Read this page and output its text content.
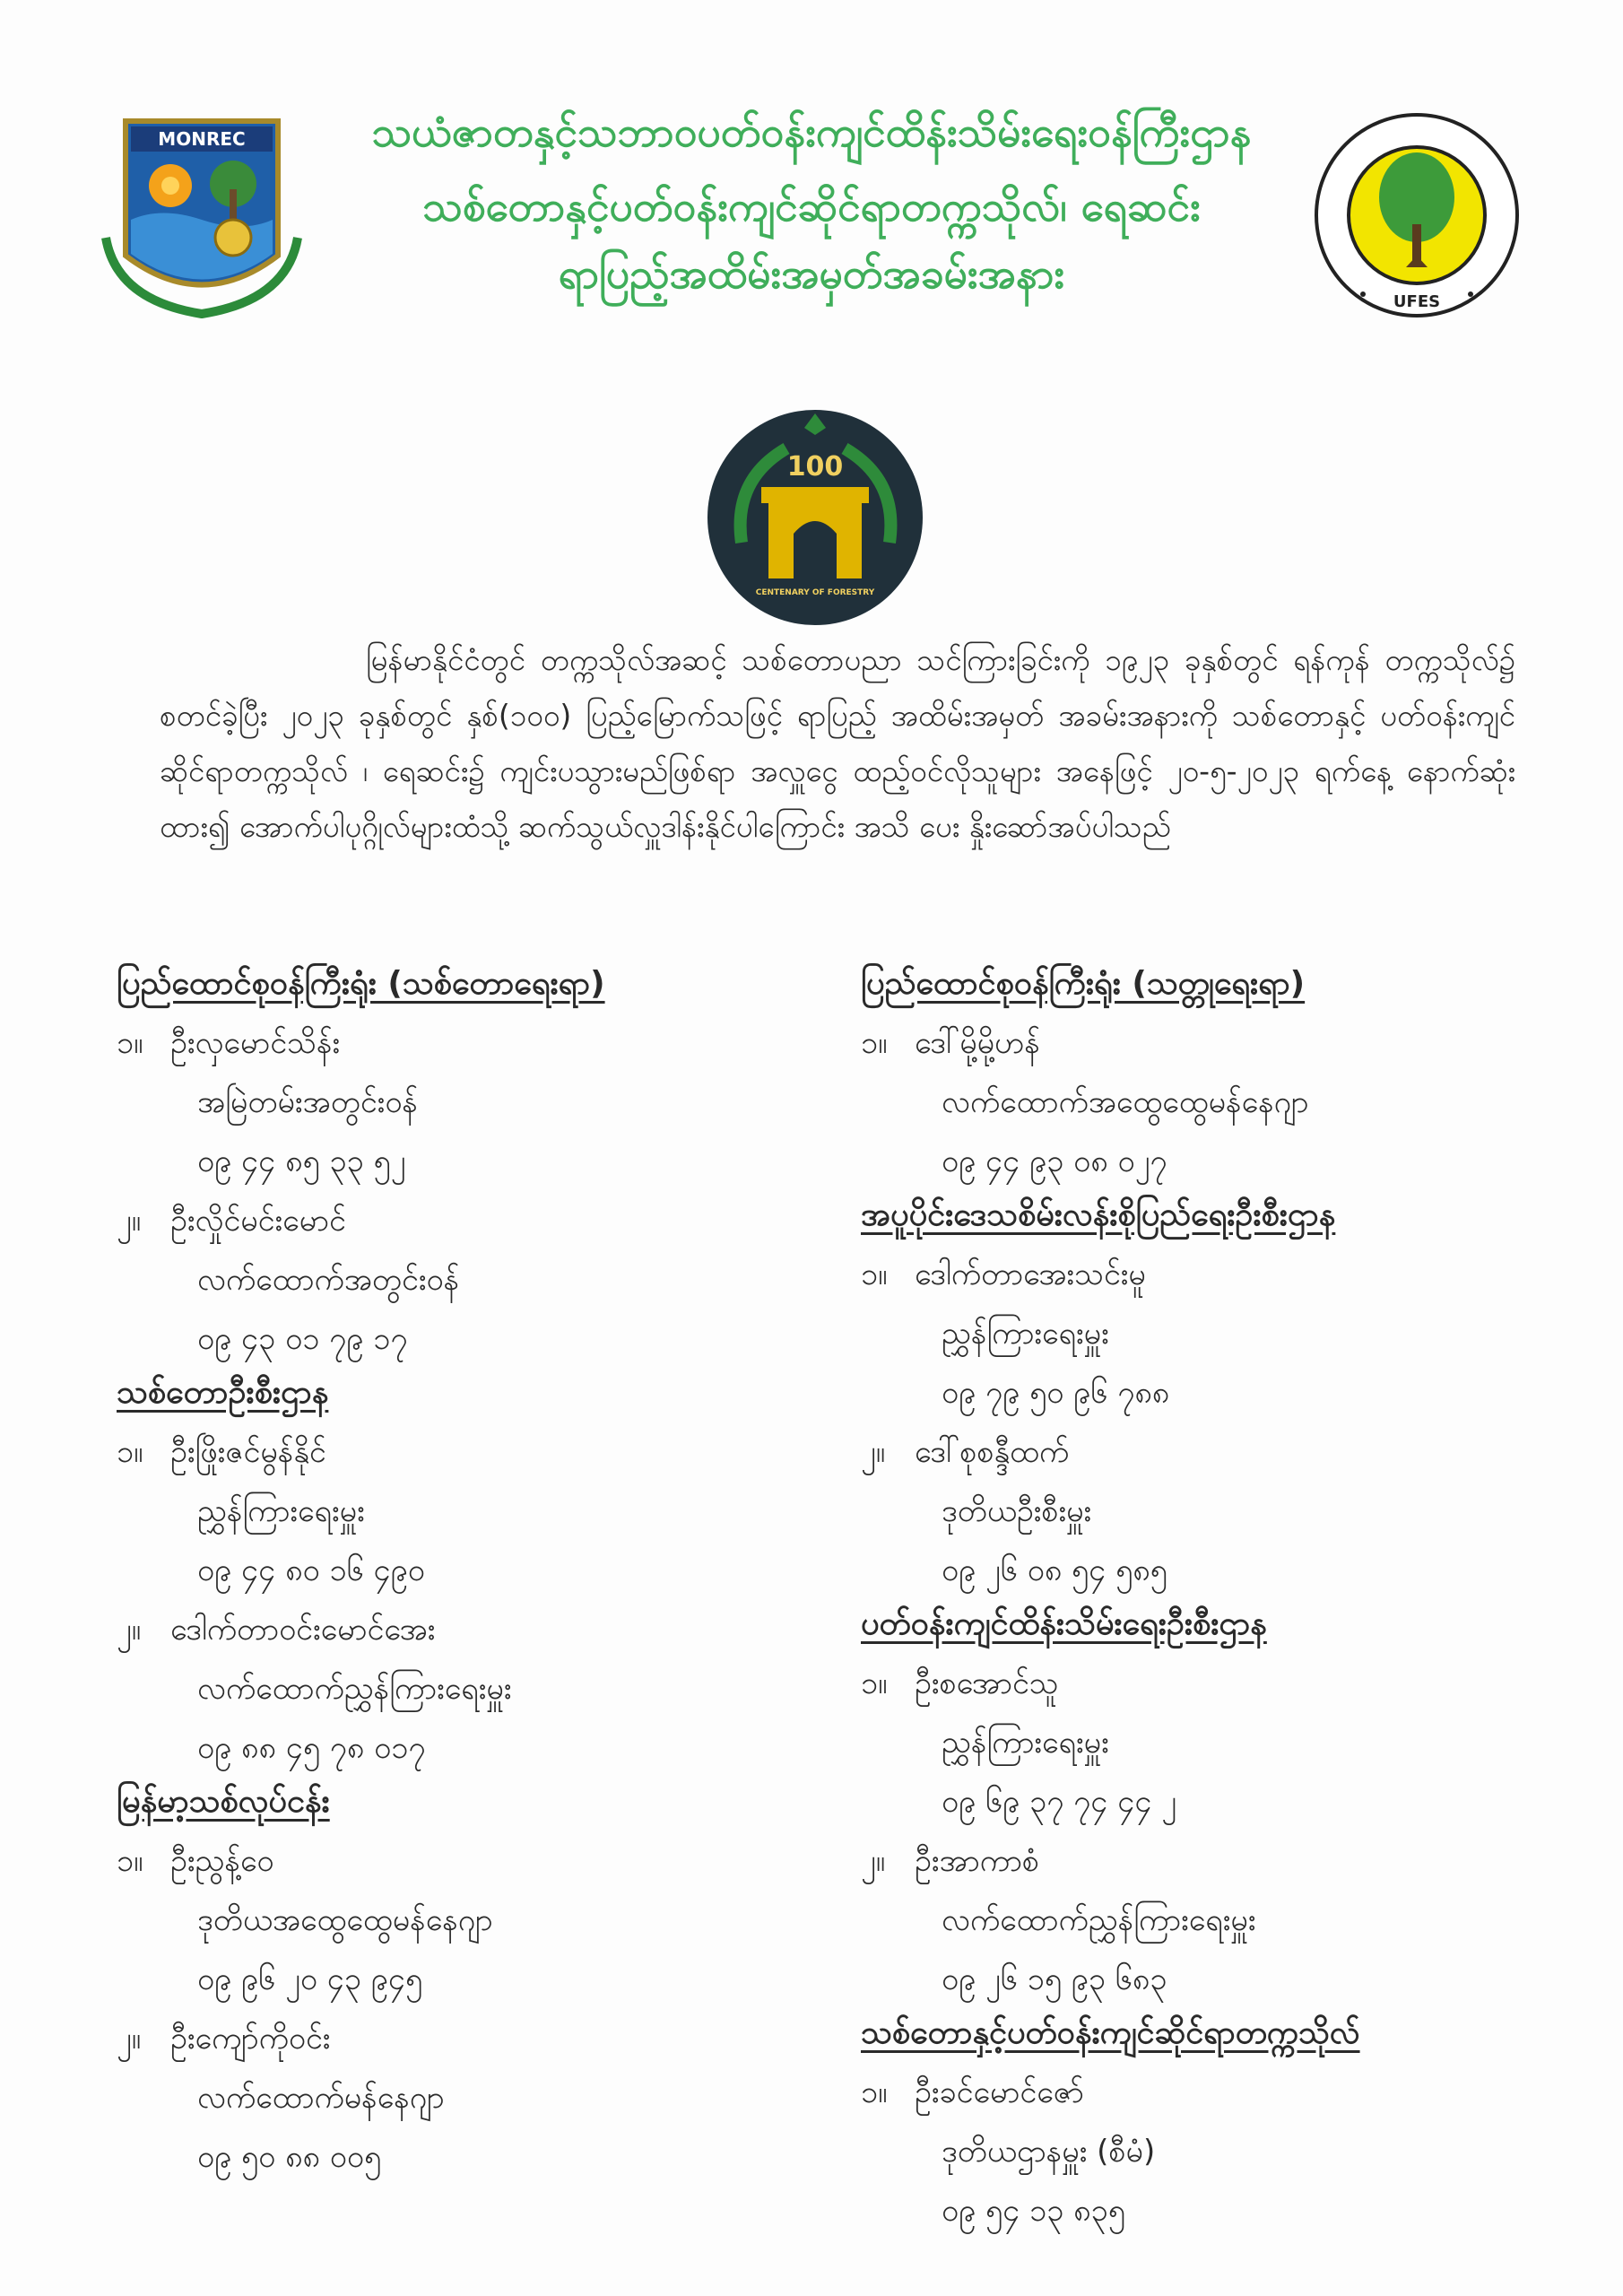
MONREC	သယံဇာတနှင့်သဘာဝပတ်ဝန်းကျင်ထိန်းသိမ်းရေးဝန်ကြီးဌာန
သစ်တောနှင့်ပတ်ဝန်းကျင်ဆိုင်ရာတက္ကသိုလ်၊ ရေဆင်း
ရာပြည့်အထိမ်းအမှတ်အခမ်းအနား
UFES
100
CENTENARY OF FORESTRY
မြန်မာနိုင်ငံတွင် တက္ကသိုလ်အဆင့် သစ်တောပညာ သင်ကြားခြင်းကို ၁၉၂၃ ခုနှစ်တွင် ရန်ကုန် တက္ကသိုလ်၌ စတင်ခဲ့ပြီး ၂၀၂၃ ခုနှစ်တွင် နှစ်(၁၀၀) ပြည့်မြောက်သဖြင့် ရာပြည့် အထိမ်းအမှတ် အခမ်းအနားကို သစ်တောနှင့် ပတ်ဝန်းကျင်ဆိုင်ရာတက္ကသိုလ် ၊ ရေဆင်း၌ ကျင်းပသွားမည်ဖြစ်ရာ အလှူငွေ ထည့်ဝင်လိုသူများ အနေဖြင့် ၂၀-၅-၂၀၂၃ ရက်နေ့ နောက်ဆုံးထား၍ အောက်ပါပုဂ္ဂိုလ်များထံသို့ ဆက်သွယ်လှူဒါန်းနိုင်ပါကြောင်း အသိ ပေး နှိုးဆော်အပ်ပါသည်
ပြည်ထောင်စုဝန်ကြီးရုံး (သစ်တောရေးရာ)
၁။ ဦးလှမောင်သိန်း
အမြဲတမ်းအတွင်းဝန်
၀၉ ၄၄ ၈၅ ၃၃ ၅၂
၂။ ဦးလှိုင်မင်းမောင်
လက်ထောက်အတွင်းဝန်
၀၉ ၄၃ ၀၁ ၇၉ ၁၇
သစ်တောဦးစီးဌာန
၁။ ဦးဖြိုးဇင်မွန်နိုင်
ညွှန်ကြားရေးမှူး
၀၉ ၄၄ ၈၀ ၁၆ ၄၉၀
၂။ ဒေါက်တာဝင်းမောင်အေး
လက်ထောက်ညွှန်ကြားရေးမှူး
၀၉ ၈၈ ၄၅ ၇၈ ၀၁၇
မြန်မာ့သစ်လုပ်ငန်း
၁။ ဦးညွန့်ဝေ
ဒုတိယအထွေထွေမန်နေဂျာ
၀၉ ၉၆ ၂၀ ၄၃ ၉၄၅
၂။ ဦးကျော်ကိုဝင်း
လက်ထောက်မန်နေဂျာ
၀၉ ၅၀ ၈၈ ၀၀၅
ပြည်ထောင်စုဝန်ကြီးရုံး (သတ္တုရေးရာ)
၁။ ဒေါ်မို့မို့ဟန်
လက်ထောက်အထွေထွေမန်နေဂျာ
၀၉ ၄၄ ၉၃ ၀၈ ၀၂၇
အပူပိုင်းဒေသစိမ်းလန်းစိုပြည်ရေးဦးစီးဌာန
၁။ ဒေါက်တာအေးသင်းမူ
ညွှန်ကြားရေးမှူး
၀၉ ၇၉ ၅၀ ၉၆ ၇၈၈
၂။ ဒေါ်စုစန္ဒီထက်
ဒုတိယဦးစီးမှူး
၀၉ ၂၆ ၀၈ ၅၄ ၅၈၅
ပတ်ဝန်းကျင်ထိန်းသိမ်းရေးဦးစီးဌာန
၁။ ဦးစအောင်သူ
ညွှန်ကြားရေးမှူး
၀၉ ၆၉ ၃၇ ၇၄ ၄၄ ၂
၂။ ဦးအာကာစံ
လက်ထောက်ညွှန်ကြားရေးမှူး
၀၉ ၂၆ ၁၅ ၉၃ ၆၈၃
သစ်တောနှင့်ပတ်ဝန်းကျင်ဆိုင်ရာတက္ကသိုလ်
၁။ ဦးခင်မောင်ဇော်
ဒုတိယဌာနမှူး (စီမံ)
၀၉ ၅၄ ၁၃ ၈၃၅
